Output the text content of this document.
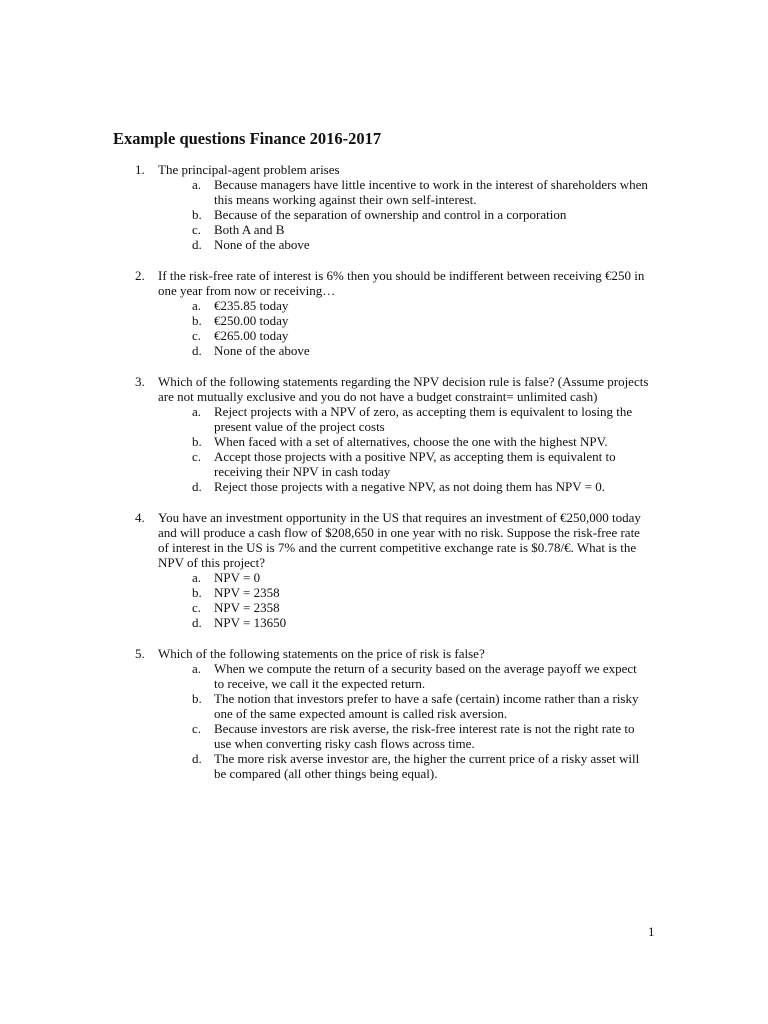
Example questions Finance 2016-2017
1. The principal-agent problem arises
a. Because managers have little incentive to work in the interest of shareholders when this means working against their own self-interest.
b. Because of the separation of ownership and control in a corporation
c. Both A and B
d. None of the above
2. If the risk-free rate of interest is 6% then you should be indifferent between receiving €250 in one year from now or receiving…
a. €235.85 today
b. €250.00 today
c. €265.00 today
d. None of the above
3. Which of the following statements regarding the NPV decision rule is false? (Assume projects are not mutually exclusive and you do not have a budget constraint= unlimited cash)
a. Reject projects with a NPV of zero, as accepting them is equivalent to losing the present value of the project costs
b. When faced with a set of alternatives, choose the one with the highest NPV.
c. Accept those projects with a positive NPV, as accepting them is equivalent to receiving their NPV in cash today
d. Reject those projects with a negative NPV, as not doing them has NPV = 0.
4. You have an investment opportunity in the US that requires an investment of €250,000 today and will produce a cash flow of $208,650 in one year with no risk. Suppose the risk-free rate of interest in the US is 7% and the current competitive exchange rate is $0.78/€. What is the NPV of this project?
a. NPV = 0
b. NPV = 2358
c. NPV = 2358
d. NPV = 13650
5. Which of the following statements on the price of risk is false?
a. When we compute the return of a security based on the average payoff we expect to receive, we call it the expected return.
b. The notion that investors prefer to have a safe (certain) income rather than a risky one of the same expected amount is called risk aversion.
c. Because investors are risk averse, the risk-free interest rate is not the right rate to use when converting risky cash flows across time.
d. The more risk averse investor are, the higher the current price of a risky asset will be compared (all other things being equal).
1
